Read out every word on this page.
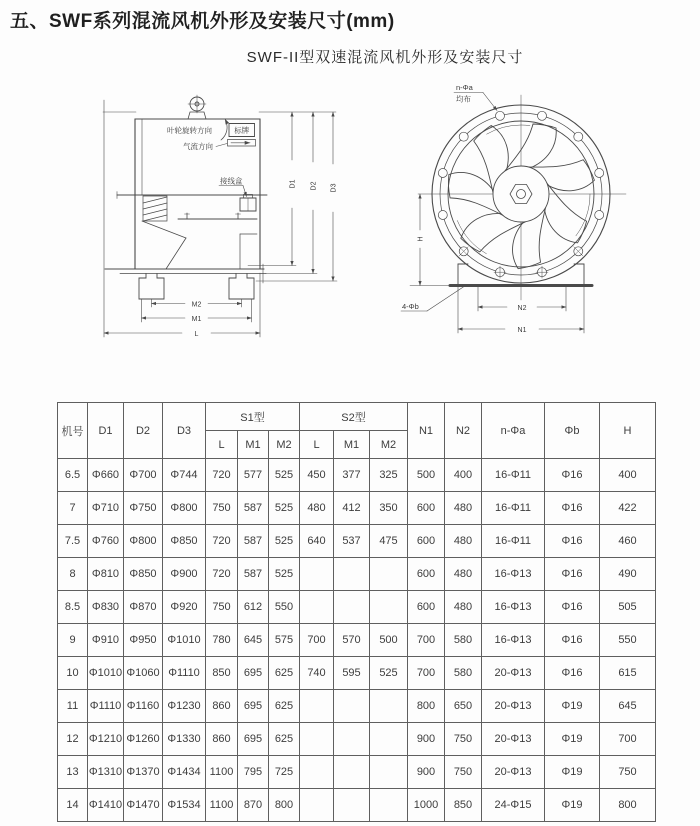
五、SWF系列混流风机外形及安装尺寸(mm)
SWF-II型双速混流风机外形及安装尺寸
叶轮旋转方向	标牌
气流方向
接线盒
M2
M1
L
D1 D2 D3
n-Φa
均布
4-Φb
H
N2
N1
机号	D1	D2	D3	S1型			S2型			N1	N2	n-Φa	Φb	H
				L	M1	M2	L	M1	M2					
6.5	Φ660	Φ700	Φ744	720	577	525	450	377	325	500	400	16-Φ11	Φ16	400
7	Φ710	Φ750	Φ800	750	587	525	480	412	350	600	480	16-Φ11	Φ16	422
7.5	Φ760	Φ800	Φ850	720	587	525	640	537	475	600	480	16-Φ11	Φ16	460
8	Φ810	Φ850	Φ900	720	587	525				600	480	16-Φ13	Φ16	490
8.5	Φ830	Φ870	Φ920	750	612	550				600	480	16-Φ13	Φ16	505
9	Φ910	Φ950	Φ1010	780	645	575	700	570	500	700	580	16-Φ13	Φ16	550
10	Φ1010	Φ1060	Φ1110	850	695	625	740	595	525	700	580	20-Φ13	Φ16	615
11	Φ1110	Φ1160	Φ1230	860	695	625				800	650	20-Φ13	Φ19	645
12	Φ1210	Φ1260	Φ1330	860	695	625				900	750	20-Φ13	Φ19	700
13	Φ1310	Φ1370	Φ1434	1100	795	725				900	750	20-Φ13	Φ19	750
14	Φ1410	Φ1470	Φ1534	1100	870	800				1000	850	24-Φ15	Φ19	800
